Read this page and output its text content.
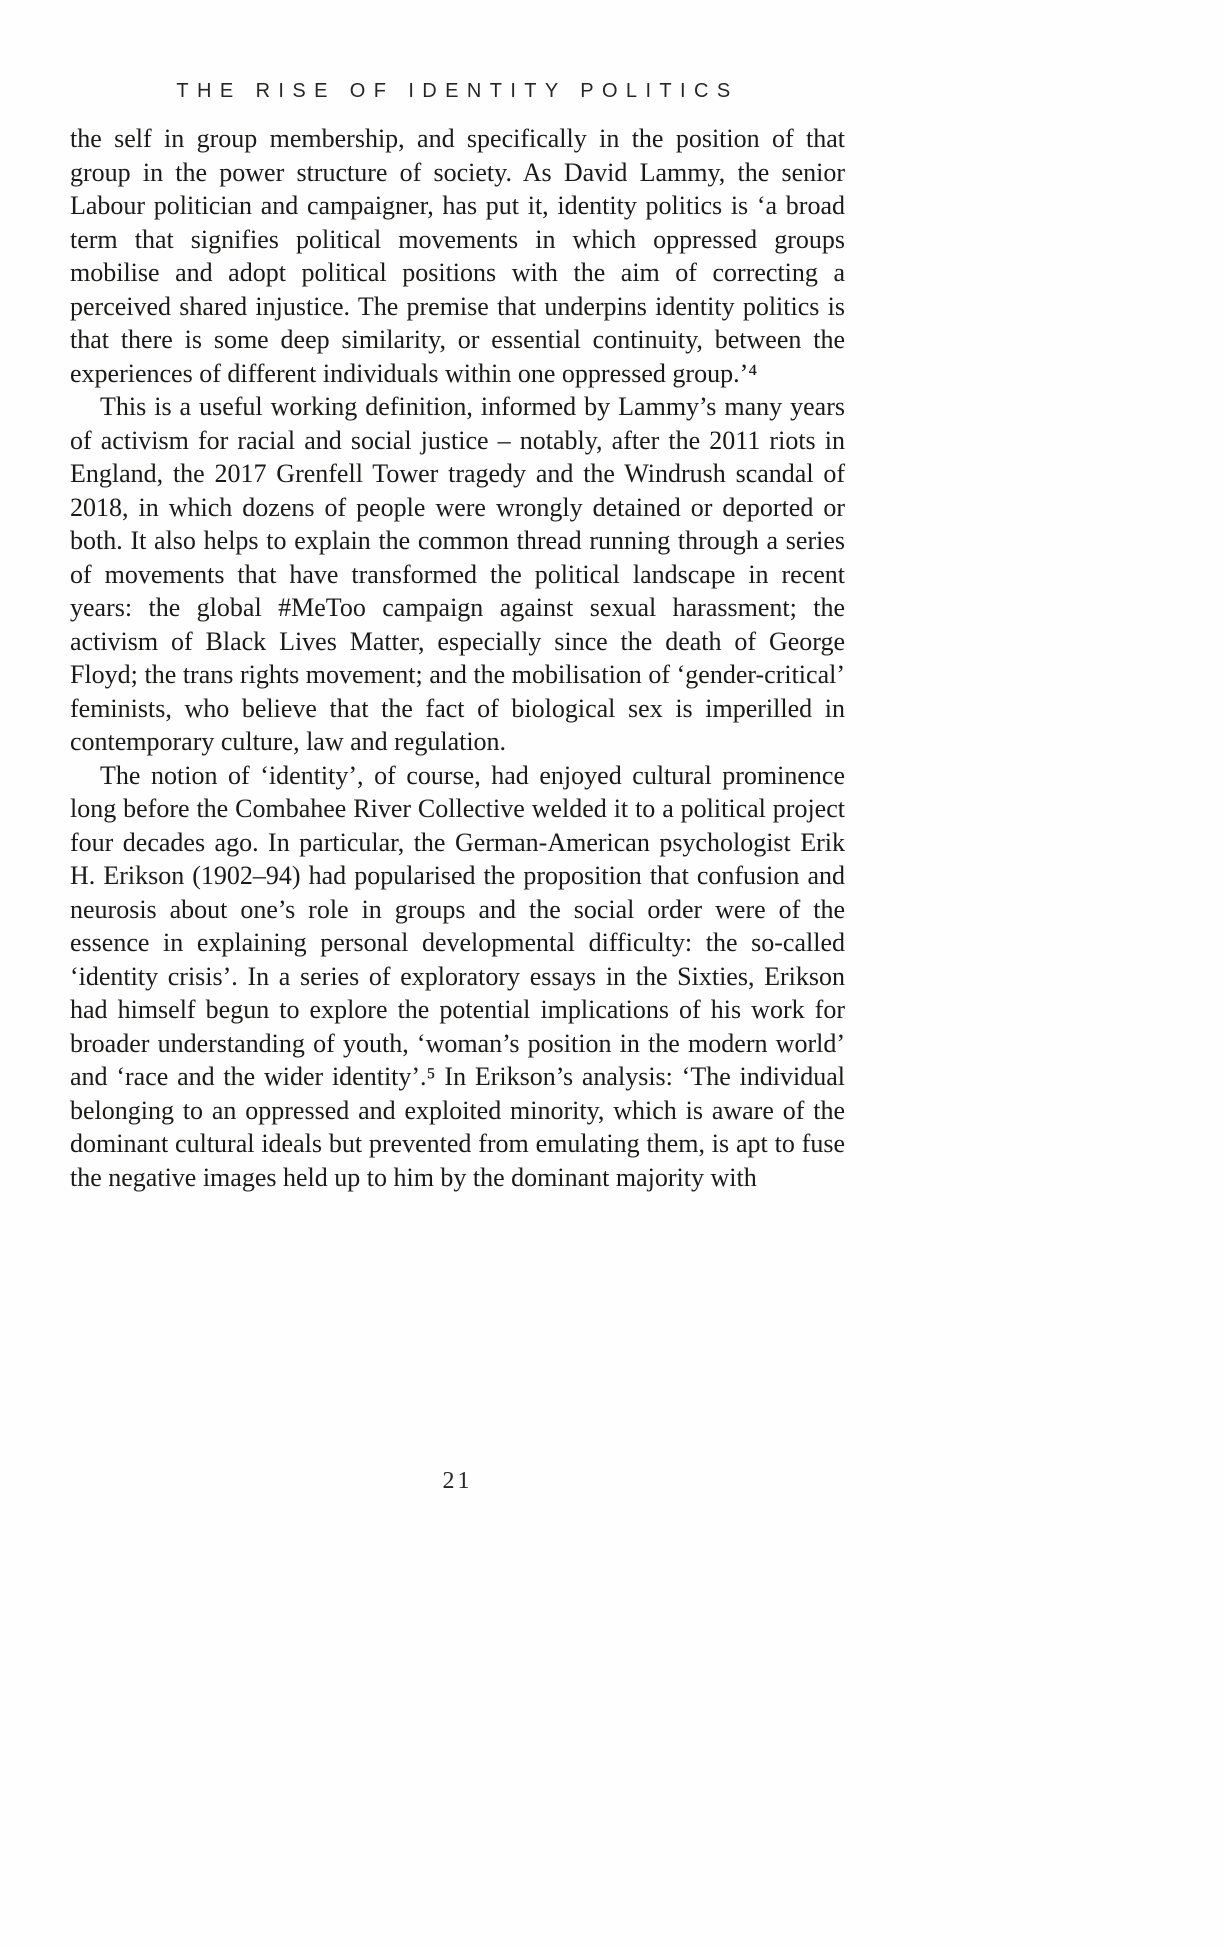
THE RISE OF IDENTITY POLITICS

the self in group membership, and specifically in the position of that group in the power structure of society. As David Lammy, the senior Labour politician and campaigner, has put it, identity politics is ‘a broad term that signifies political movements in which oppressed groups mobilise and adopt political positions with the aim of correcting a perceived shared injustice. The premise that underpins identity politics is that there is some deep similarity, or essential continuity, between the experiences of different individuals within one oppressed group.’⁴

This is a useful working definition, informed by Lammy’s many years of activism for racial and social justice – notably, after the 2011 riots in England, the 2017 Grenfell Tower tragedy and the Windrush scandal of 2018, in which dozens of people were wrongly detained or deported or both. It also helps to explain the common thread running through a series of movements that have transformed the political landscape in recent years: the global #MeToo campaign against sexual harassment; the activism of Black Lives Matter, especially since the death of George Floyd; the trans rights movement; and the mobilisation of ‘gender-critical’ feminists, who believe that the fact of biological sex is imperilled in contemporary culture, law and regulation.

The notion of ‘identity’, of course, had enjoyed cultural prominence long before the Combahee River Collective welded it to a political project four decades ago. In particular, the German-American psychologist Erik H. Erikson (1902–94) had popularised the proposition that confusion and neurosis about one’s role in groups and the social order were of the essence in explaining personal developmental difficulty: the so-called ‘identity crisis’. In a series of exploratory essays in the Sixties, Erikson had himself begun to explore the potential implications of his work for broader understanding of youth, ‘woman’s position in the modern world’ and ‘race and the wider identity’.⁵ In Erikson’s analysis: ‘The individual belonging to an oppressed and exploited minority, which is aware of the dominant cultural ideals but prevented from emulating them, is apt to fuse the negative images held up to him by the dominant majority with

21
